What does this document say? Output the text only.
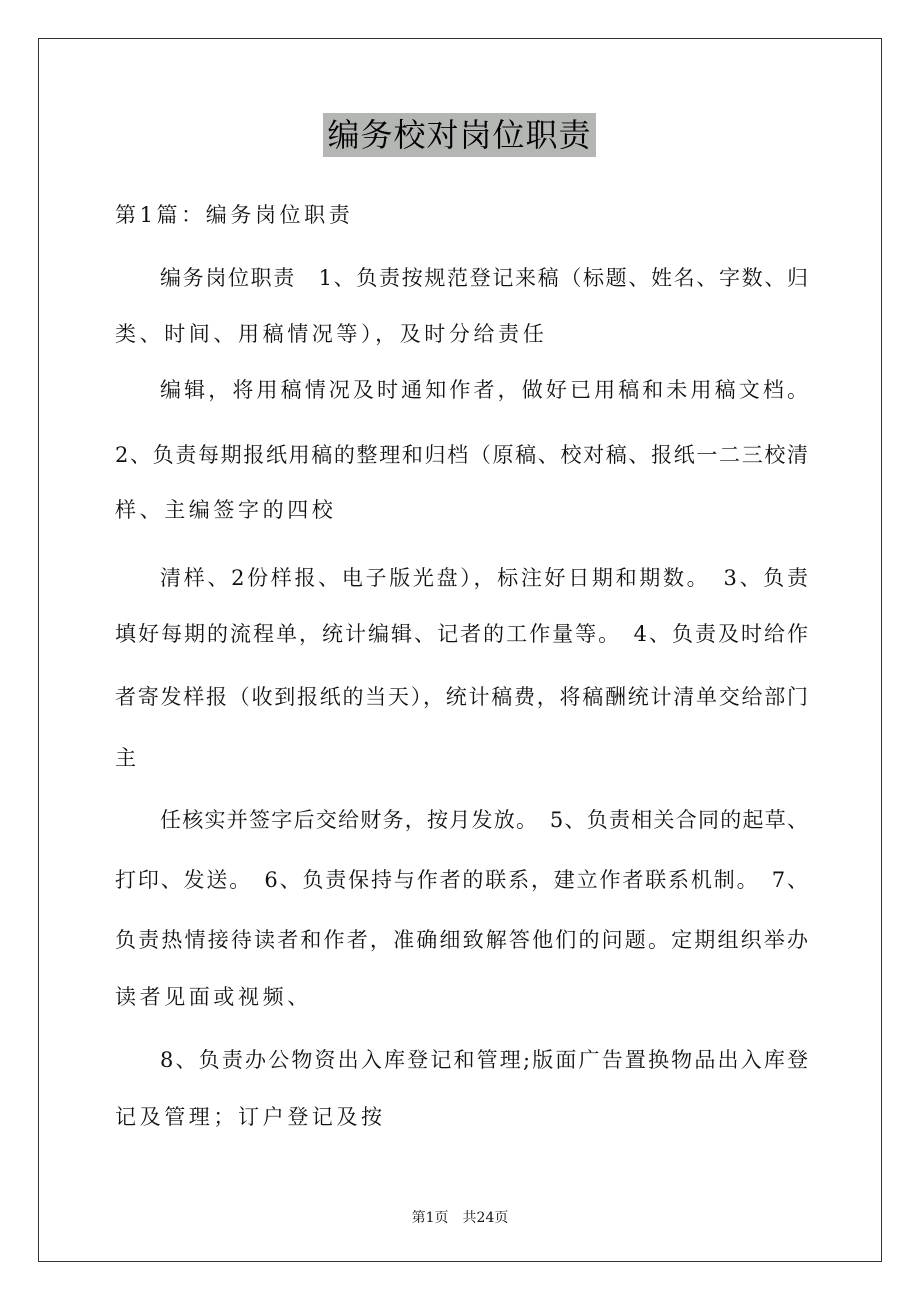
编务校对岗位职责
第1篇：编务岗位职责
编务岗位职责　1、负责按规范登记来稿（标题、姓名、字数、归
类、时间、用稿情况等），及时分给责任
编辑，将用稿情况及时通知作者，做好已用稿和未用稿文档。
2、负责每期报纸用稿的整理和归档（原稿、校对稿、报纸一二三校清
样、主编签字的四校
清样、2份样报、电子版光盘），标注好日期和期数。　3、负责
填好每期的流程单，统计编辑、记者的工作量等。　4、负责及时给作
者寄发样报（收到报纸的当天），统计稿费，将稿酬统计清单交给部门
主
任核实并签字后交给财务，按月发放。　5、负责相关合同的起草、
打印、发送。　6、负责保持与作者的联系，建立作者联系机制。　7、
负责热情接待读者和作者，准确细致解答他们的问题。定期组织举办
读者见面或视频、
8、负责办公物资出入库登记和管理;版面广告置换物品出入库登
记及管理；订户登记及按
第1页　共24页
